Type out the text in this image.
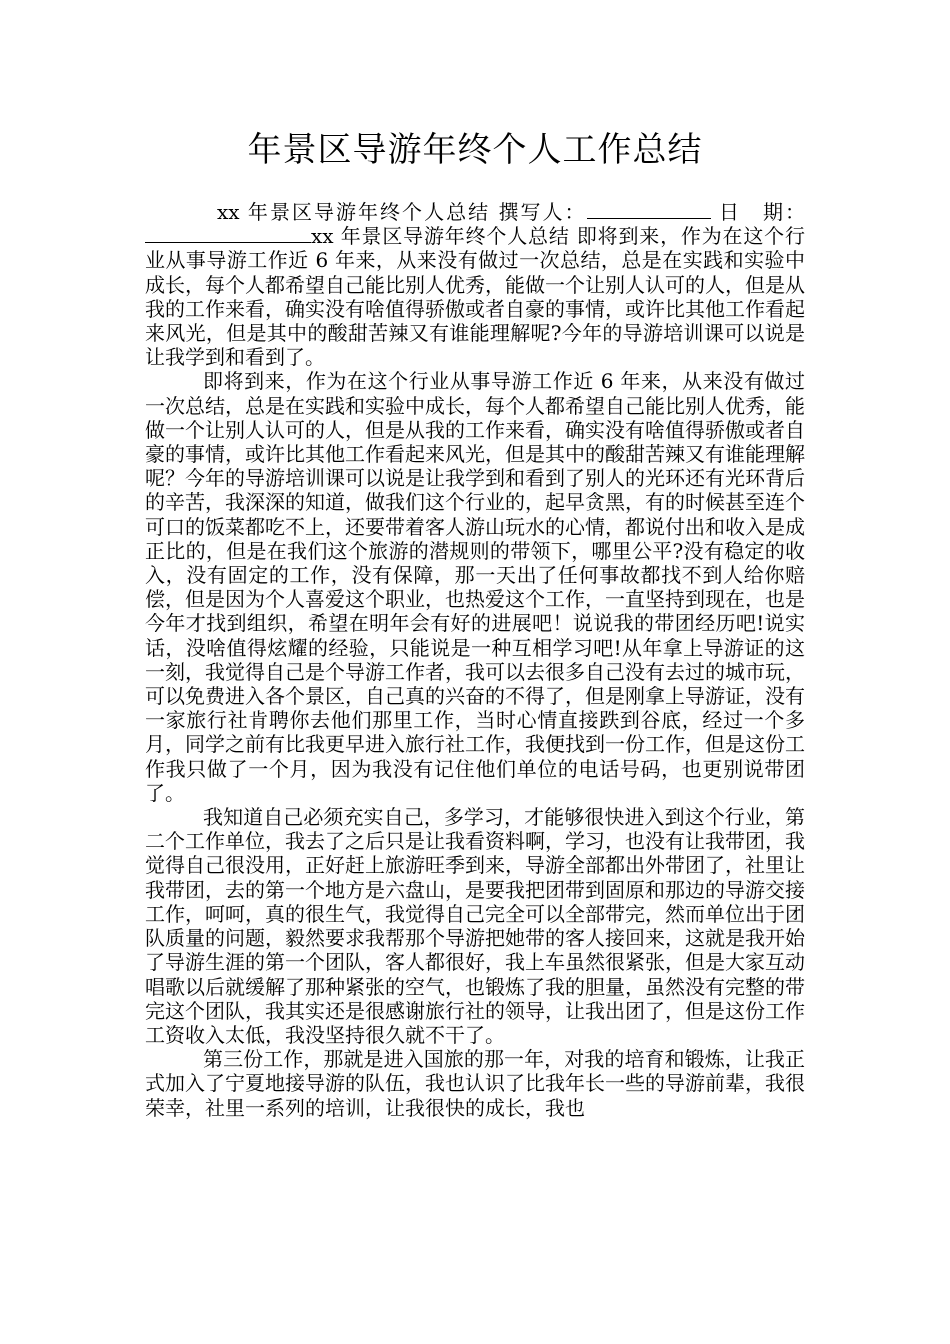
年景区导游年终个人工作总结

xx 年景区导游年终个人总结 撰写人：	日　期：xx 年景区导游年终个人总结 即将到来，作为在这个行业从事导游工作近 6 年来，从来没有做过一次总结，总是在实践和实验中成长，每个人都希望自己能比别人优秀，能做一个让别人认可的人，但是从我的工作来看，确实没有啥值得骄傲或者自豪的事情，或许比其他工作看起来风光，但是其中的酸甜苦辣又有谁能理解呢?今年的导游培训课可以说是让我学到和看到了。

即将到来，作为在这个行业从事导游工作近 6 年来，从来没有做过一次总结，总是在实践和实验中成长，每个人都希望自己能比别人优秀，能做一个让别人认可的人，但是从我的工作来看，确实没有啥值得骄傲或者自豪的事情，或许比其他工作看起来风光，但是其中的酸甜苦辣又有谁能理解呢？今年的导游培训课可以说是让我学到和看到了别人的光环还有光环背后的辛苦，我深深的知道，做我们这个行业的，起早贪黑，有的时候甚至连个可口的饭菜都吃不上，还要带着客人游山玩水的心情，都说付出和收入是成正比的，但是在我们这个旅游的潜规则的带领下，哪里公平?没有稳定的收入，没有固定的工作，没有保障，那一天出了任何事故都找不到人给你赔偿，但是因为个人喜爱这个职业，也热爱这个工作，一直坚持到现在，也是今年才找到组织，希望在明年会有好的进展吧！说说我的带团经历吧!说实话，没啥值得炫耀的经验，只能说是一种互相学习吧!从年拿上导游证的这一刻，我觉得自己是个导游工作者，我可以去很多自己没有去过的城市玩，可以免费进入各个景区，自己真的兴奋的不得了，但是刚拿上导游证，没有一家旅行社肯聘你去他们那里工作，当时心情直接跌到谷底，经过一个多月，同学之前有比我更早进入旅行社工作，我便找到一份工作，但是这份工作我只做了一个月，因为我没有记住他们单位的电话号码，也更别说带团了。

我知道自己必须充实自己，多学习，才能够很快进入到这个行业，第二个工作单位，我去了之后只是让我看资料啊，学习，也没有让我带团，我觉得自己很没用，正好赶上旅游旺季到来，导游全部都出外带团了，社里让我带团，去的第一个地方是六盘山，是要我把团带到固原和那边的导游交接工作，呵呵，真的很生气，我觉得自己完全可以全部带完，然而单位出于团队质量的问题，毅然要求我帮那个导游把她带的客人接回来，这就是我开始了导游生涯的第一个团队，客人都很好，我上车虽然很紧张，但是大家互动唱歌以后就缓解了那种紧张的空气，也锻炼了我的胆量，虽然没有完整的带完这个团队，我其实还是很感谢旅行社的领导，让我出团了，但是这份工作工资收入太低，我没坚持很久就不干了。

第三份工作，那就是进入国旅的那一年，对我的培育和锻炼，让我正式加入了宁夏地接导游的队伍，我也认识了比我年长一些的导游前辈，我很荣幸，社里一系列的培训，让我很快的成长，我也
